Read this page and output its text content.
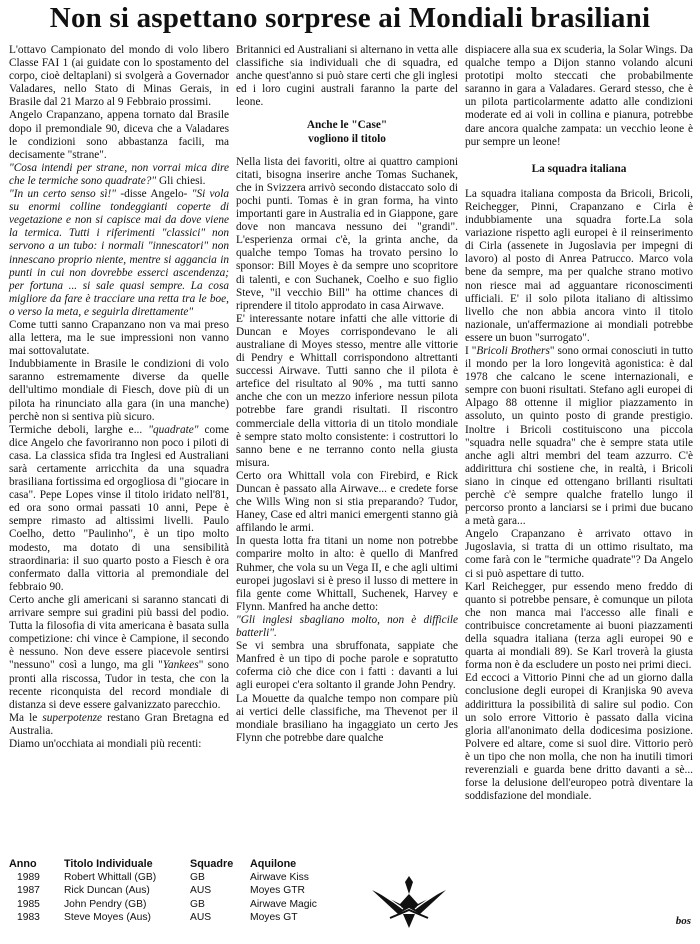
Non si aspettano sorprese ai Mondiali brasiliani

L'ottavo Campionato del mondo di volo libero Classe FAI 1 (ai guidate con lo spostamento del corpo, cioè deltaplani) si svolgerà a Governador Valadares, nello Stato di Minas Gerais, in Brasile dal 21 Marzo al 9 Febbraio prossimi.

Angelo Crapanzano, appena tornato dal Brasile dopo il premondiale 90, diceva che a Valadares le condizioni sono abbastanza facili, ma decisamente "strane".

"Cosa intendi per strane, non vorrai mica dire che le termiche sono quadrate?" Gli chiesi.

"In un certo senso sì!" -disse Angelo- "Si vola su enormi colline tondeggianti coperte di vegetazione e non si capisce mai da dove viene la termica. Tutti i riferimenti "classici" non servono a un tubo: i normali "innescatori" non innescano proprio niente, mentre si aggancia in punti in cui non dovrebbe esserci ascendenza; per fortuna ... si sale quasi sempre. La cosa migliore da fare è tracciare una retta tra le boe, o verso la meta, e seguirla direttamente"

Come tutti sanno Crapanzano non va mai preso alla lettera, ma le sue impressioni non vanno mai sottovalutate.

Indubbiamente in Brasile le condizioni di volo saranno estremamente diverse da quelle dell'ultimo mondiale di Fiesch, dove più di un pilota ha rinunciato alla gara (in una manche) perchè non si sentiva più sicuro.

Termiche deboli, larghe e... "quadrate" come dice Angelo che favoriranno non poco i piloti di casa. La classica sfida tra Inglesi ed Australiani sarà certamente arricchita da una squadra brasiliana fortissima ed orgogliosa di "giocare in casa". Pepe Lopes vinse il titolo iridato nell'81, ed ora sono ormai passati 10 anni, Pepe è sempre rimasto ad altissimi livelli. Paulo Coelho, detto "Paulinho", è un tipo molto modesto, ma dotato di una sensibilità straordinaria: il suo quarto posto a Fiesch è ora confermato dalla vittoria al premondiale del febbraio 90.

Certo anche gli americani si saranno stancati di arrivare sempre sui gradini più bassi del podio. Tutta la filosofia di vita americana è basata sulla competizione: chi vince è Campione, il secondo è nessuno. Non deve essere piacevole sentirsi "nessuno" così a lungo, ma gli "Yankees" sono pronti alla riscossa, Tudor in testa, che con la recente riconquista del record mondiale di distanza si deve essere galvanizzato parecchio.

Ma le superpotenze restano Gran Bretagna ed Australia.

Diamo un'occhiata ai mondiali più recenti:

Britannici ed Australiani si alternano in vetta alle classifiche sia individuali che di squadra, ed anche quest'anno si può stare certi che gli inglesi ed i loro cugini australi faranno la parte del leone.

Anche le "Case"
vogliono il titolo

Nella lista dei favoriti, oltre ai quattro campioni citati, bisogna inserire anche Tomas Suchanek, che in Svizzera arrivò secondo distaccato solo di pochi punti. Tomas è in gran forma, ha vinto importanti gare in Australia ed in Giappone, gare dove non mancava nessuno dei "grandi". L'esperienza ormai c'è, la grinta anche, da qualche tempo Tomas ha trovato persino lo sponsor: Bill Moyes è da sempre uno scopritore di talenti, e con Suchanek, Coelho e suo figlio Steve, "il vecchio Bill" ha ottime chances di riprendere il titolo approdato in casa Airwave.

E' interessante notare infatti che alle vittorie di Duncan e Moyes corrispondevano le ali australiane di Moyes stesso, mentre alle vittorie di Pendry e Whittall corrispondono altrettanti successi Airwave. Tutti sanno che il pilota è artefice del risultato al 90% , ma tutti sanno anche che con un mezzo inferiore nessun pilota potrebbe fare grandi risultati. Il riscontro commerciale della vittoria di un titolo mondiale è sempre stato molto consistente: i costruttori lo sanno bene e ne terranno conto nella giusta misura.

Certo ora Whittall vola con Firebird, e Rick Duncan è passato alla Airwave... e credete forse che Wills Wing non si stia preparando? Tudor, Haney, Case ed altri manici emergenti stanno già affilando le armi.

In questa lotta fra titani un nome non potrebbe comparire molto in alto: è quello di Manfred Ruhmer, che vola su un Vega II, e che agli ultimi europei jugoslavi si è preso il lusso di mettere in fila gente come Whittall, Suchenek, Harvey e Flynn. Manfred ha anche detto:

"Gli inglesi sbagliano molto, non è difficile batterli".

Se vi sembra una sbruffonata, sappiate che Manfred è un tipo di poche parole e sopratutto coferma ciò che dice con i fatti : davanti a lui agli europei c'era soltanto il grande John Pendry.

La Mouette da qualche tempo non compare più ai vertici delle classifiche, ma Thevenot per il mondiale brasiliano ha ingaggiato un certo Jes Flynn che potrebbe dare qualche

dispiacere alla sua ex scuderia, la Solar Wings. Da qualche tempo a Dijon stanno volando alcuni prototipi molto steccati che probabilmente saranno in gara a Valadares. Gerard stesso, che è un pilota particolarmente adatto alle condizioni moderate ed ai voli in collina e pianura, potrebbe dare ancora qualche zampata: un vecchio leone è pur sempre un leone!

La squadra italiana

La squadra italiana composta da Bricoli, Bricoli, Reichegger, Pinni, Crapanzano e Cirla è indubbiamente una squadra forte.La sola variazione rispetto agli europei è il reinserimento di Cirla (assenete in Jugoslavia per impegni di lavoro) al posto di Anrea Patrucco. Marco vola bene da sempre, ma per qualche strano motivo non riesce mai ad agguantare riconoscimenti ufficiali. E' il solo pilota italiano di altissimo livello che non abbia ancora vinto il titolo nazionale, un'affermazione ai mondiali potrebbe essere un buon "surrogato".

I "Bricoli Brothers" sono ormai conosciuti in tutto il mondo per la loro longevità agonistica: è dal 1978 che calcano le scene internazionali, e sempre con buoni risultati. Stefano agli europei di Alpago 88 ottenne il miglior piazzamento in assoluto, un quinto posto di grande prestigio. Inoltre i Bricoli costituiscono una piccola "squadra nelle squadra" che è sempre stata utile anche agli altri membri del team azzurro. C'è addirittura chi sostiene che, in realtà, i Bricoli siano in cinque ed ottengano brillanti risultati perchè c'è sempre qualche fratello lungo il percorso pronto a lanciarsi se i primi due bucano a metà gara...

Angelo Crapanzano è arrivato ottavo in Jugoslavia, si tratta di un ottimo risultato, ma come farà con le "termiche quadrate"? Da Angelo ci si può aspettare di tutto.

Karl Reichegger, pur essendo meno freddo di quanto si potrebbe pensare, è comunque un pilota che non manca mai l'accesso alle finali e contribuisce concretamente ai buoni piazzamenti della squadra italiana (terza agli europei 90 e quarta ai mondiali 89). Se Karl troverà la giusta forma non è da escludere un posto nei primi dieci.

Ed eccoci a Vittorio Pinni che ad un giorno dalla conclusione degli europei di Kranjiska 90 aveva addirittura la possibilità di salire sul podio. Con un solo errore Vittorio è passato dalla vicina gloria all'anonimato della dodicesima posizione. Polvere ed altare, come si suol dire. Vittorio però è un tipo che non molla, che non ha inutili timori reverenziali e guarda bene dritto davanti a sè... forse la delusione dell'europeo potrà diventare la soddisfazione del mondiale.

Anno	Titolo Individuale	Squadre	Aquilone
1989	Robert Whittall (GB)	GB	Airwave Kiss
1987	Rick Duncan (Aus)	AUS	Moyes GTR
1985	John Pendry (GB)	GB	Airwave Magic
1983	Steve Moyes (Aus)	AUS	Moyes GT	bos
